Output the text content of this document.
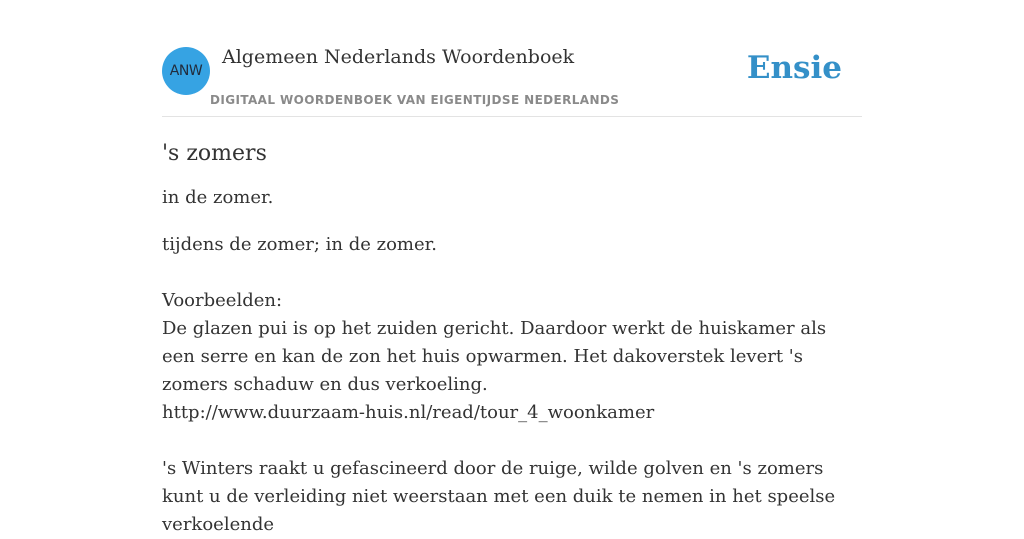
ANW
Algemeen Nederlands Woordenboek
DIGITAAL WOORDENBOEK VAN EIGENTIJDSE NEDERLANDS
Ensie
's zomers

in de zomer.

tijdens de zomer; in de zomer.
Voorbeelden:
De glazen pui is op het zuiden gericht. Daardoor werkt de huiskamer als een serre en kan de zon het huis opwarmen. Het dakoverstek levert 's zomers schaduw en dus verkoeling.
http://www.duurzaam-huis.nl/read/tour_4_woonkamer
's Winters raakt u gefascineerd door de ruige, wilde golven en 's zomers kunt u de verleiding niet weerstaan met een duik te nemen in het speelse verkoelende
